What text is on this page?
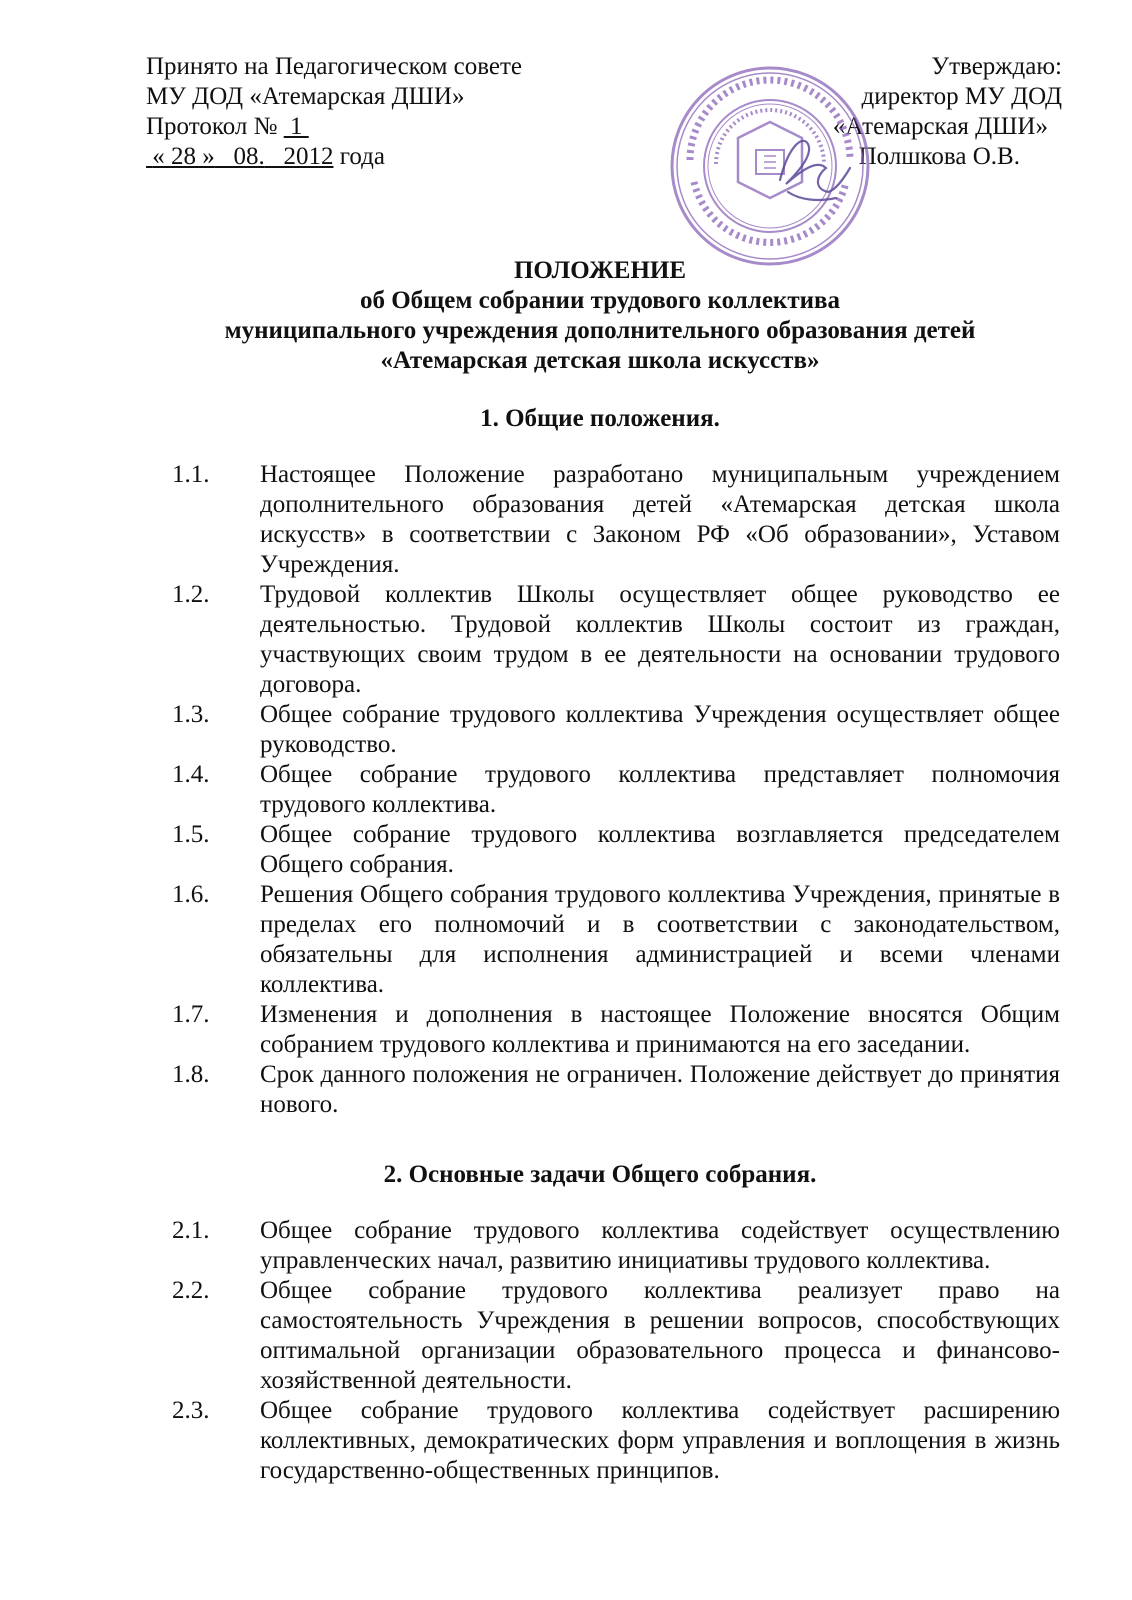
Принято на Педагогическом совете
МУ ДОД «Атемарская ДШИ»
Протокол № 1
« 28 » 08. 2012 года
Утверждаю:
директор МУ ДОД
«Атемарская ДШИ»
Полшкова О.В.
ПОЛОЖЕНИЕ
об Общем собрании трудового коллектива
муниципального учреждения дополнительного образования детей
«Атемарская детская школа искусств»
1. Общие положения.
1.1.	Настоящее Положение разработано муниципальным учреждением дополнительного образования детей «Атемарская детская школа искусств» в соответствии с Законом РФ «Об образовании», Уставом Учреждения.
1.2.	Трудовой коллектив Школы осуществляет общее руководство ее деятельностью. Трудовой коллектив Школы состоит из граждан, участвующих своим трудом в ее деятельности на основании трудового договора.
1.3.	Общее собрание трудового коллектива Учреждения осуществляет общее руководство.
1.4.	Общее собрание трудового коллектива представляет полномочия трудового коллектива.
1.5.	Общее собрание трудового коллектива возглавляется председателем Общего собрания.
1.6.	Решения Общего собрания трудового коллектива Учреждения, принятые в пределах его полномочий и в соответствии с законодательством, обязательны для исполнения администрацией и всеми членами коллектива.
1.7.	Изменения и дополнения в настоящее Положение вносятся Общим собранием трудового коллектива и принимаются на его заседании.
1.8.	Срок данного положения не ограничен. Положение действует до принятия нового.
2. Основные задачи Общего собрания.
2.1.	Общее собрание трудового коллектива содействует осуществлению управленческих начал, развитию инициативы трудового коллектива.
2.2.	Общее собрание трудового коллектива реализует право на самостоятельность Учреждения в решении вопросов, способствующих оптимальной организации образовательного процесса и финансово-хозяйственной деятельности.
2.3.	Общее собрание трудового коллектива содействует расширению коллективных, демократических форм управления и воплощения в жизнь государственно-общественных принципов.
